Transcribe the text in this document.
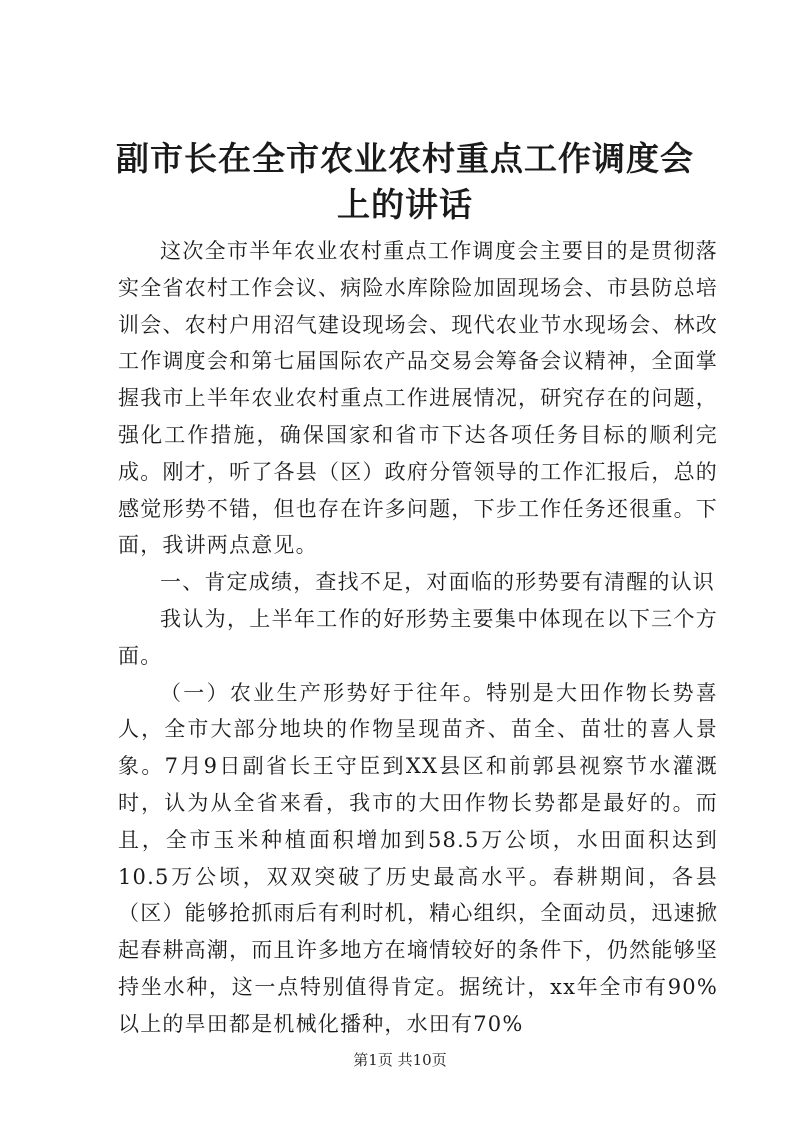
副市长在全市农业农村重点工作调度会上的讲话

这次全市半年农业农村重点工作调度会主要目的是贯彻落实全省农村工作会议、病险水库除险加固现场会、市县防总培训会、农村户用沼气建设现场会、现代农业节水现场会、林改工作调度会和第七届国际农产品交易会筹备会议精神，全面掌握我市上半年农业农村重点工作进展情况，研究存在的问题，强化工作措施，确保国家和省市下达各项任务目标的顺利完成。刚才，听了各县（区）政府分管领导的工作汇报后，总的感觉形势不错，但也存在许多问题，下步工作任务还很重。下面，我讲两点意见。

一、肯定成绩，查找不足，对面临的形势要有清醒的认识

我认为，上半年工作的好形势主要集中体现在以下三个方面。

（一）农业生产形势好于往年。特别是大田作物长势喜人，全市大部分地块的作物呈现苗齐、苗全、苗壮的喜人景象。7月9日副省长王守臣到XX县区和前郭县视察节水灌溉时，认为从全省来看，我市的大田作物长势都是最好的。而且，全市玉米种植面积增加到58.5万公顷，水田面积达到10.5万公顷，双双突破了历史最高水平。春耕期间，各县（区）能够抢抓雨后有利时机，精心组织，全面动员，迅速掀起春耕高潮，而且许多地方在墒情较好的条件下，仍然能够坚持坐水种，这一点特别值得肯定。据统计，xx年全市有90%以上的旱田都是机械化播种，水田有70%

第1页 共10页
